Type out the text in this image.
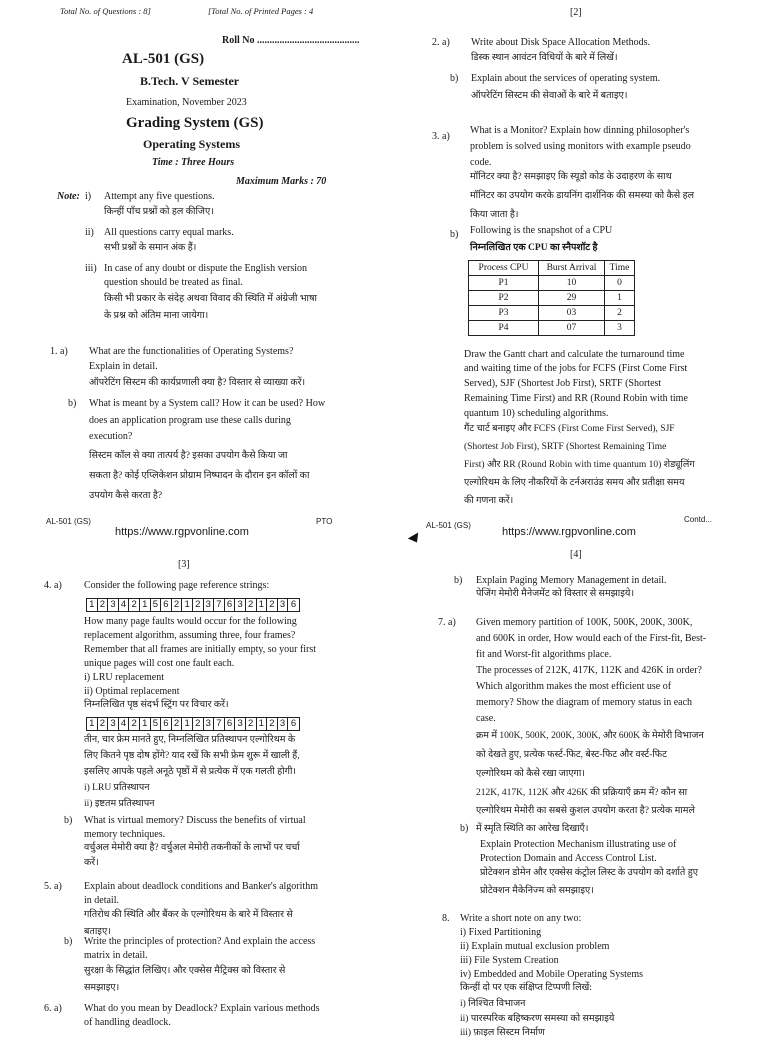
Total No. of Questions : 8]	[Total No. of Printed Pages : 4
Roll No .........................................
AL-501 (GS)
B.Tech. V Semester
Examination, November 2023
Grading System (GS)
Operating Systems
Time : Three Hours
Maximum Marks : 70
Note: i) Attempt any five questions.
किन्हीं पाँच प्रश्नों को हल कीजिए।
ii) All questions carry equal marks.
सभी प्रश्नों के समान अंक हैं।
iii) In case of any doubt or dispute the English version
question should be treated as final.
किसी भी प्रकार के संदेह अथवा विवाद की स्थिति में अंग्रेजी भाषा
के प्रश्न को अंतिम माना जायेगा।
1. a) What are the functionalities of Operating Systems?
Explain in detail.
ऑपरेटिंग सिस्टम की कार्यप्रणाली क्या है? विस्तार से व्याख्या करें।
b) What is meant by a System call? How it can be used? How
does an application program use these calls during
execution?
सिस्टम कॉल से क्या तात्पर्य है? इसका उपयोग कैसे किया जा
सकता है? कोई एप्लिकेशन प्रोग्राम निष्पादन के दौरान इन कॉलों का
उपयोग कैसे करता है?
AL-501 (GS)
https://www.rgpvonline.com
PTO
[2]
2. a) Write about Disk Space Allocation Methods.
डिस्क स्थान आवंटन विधियों के बारे में लिखें।
b) Explain about the services of operating system.
ऑपरेटिंग सिस्टम की सेवाओं के बारे में बताइए।
3. a)
What is a Monitor? Explain how dinning philosopher's
problem is solved using monitors with example pseudo
code.
मॉनिटर क्या है? समझाइए कि स्यूडो कोड के उदाहरण के साथ
मॉनिटर का उपयोग करके डायनिंग दार्शनिक की समस्या को कैसे हल
किया जाता है।
b) Following is the snapshot of a CPU
निम्नलिखित एक CPU का स्नैपशॉट है
Process CPU	Burst Arrival	Time
P1	10	0
P2	29	1
P3	03	2
P4	07	3
Draw the Gantt chart and calculate the turnaround time
and waiting time of the jobs for FCFS (First Come First
Served), SJF (Shortest Job First), SRTF (Shortest
Remaining Time First) and RR (Round Robin with time
quantum 10) scheduling algorithms.
गैंट चार्ट बनाइए और FCFS (First Come First Served), SJF
(Shortest Job First), SRTF (Shortest Remaining Time
First) और RR (Round Robin with time quantum 10) शेड्यूलिंग
एल्गोरिथम के लिए नौकरियों के टर्नअराउंड समय और प्रतीक्षा समय
की गणना करें।
AL-501 (GS)
https://www.rgpvonline.com
Contd...
[3]
4. a) Consider the following page reference strings:
1 2 3 4 2 1 5 6 2 1 2 3 7 6 3 2 1 2 3 6
How many page faults would occur for the following
replacement algorithm, assuming three, four frames?
Remember that all frames are initially empty, so your first
unique pages will cost one fault each.
i) LRU replacement
ii) Optimal replacement
निम्नलिखित पृष्ठ संदर्भ स्ट्रिंग पर विचार करें।
1 2 3 4 2 1 5 6 2 1 2 3 7 6 3 2 1 2 3 6
तीन, चार फ्रेम मानते हुए, निम्नलिखित प्रतिस्थापन एल्गोरिथम के
लिए कितने पृष्ठ दोष होंगे? याद रखें कि सभी फ्रेम शुरू में खाली हैं,
इसलिए आपके पहले अनूठे पृष्ठों में से प्रत्येक में एक गलती होगी।
i) LRU प्रतिस्थापन
ii) इष्टतम प्रतिस्थापन
b) What is virtual memory? Discuss the benefits of virtual
memory techniques.
वर्चुअल मेमोरी क्या है? वर्चुअल मेमोरी तकनीकों के लाभों पर चर्चा
करें।
5. a) Explain about deadlock conditions and Banker's algorithm
in detail.
गतिरोध की स्थिति और बैंकर के एल्गोरिथम के बारे में विस्तार से
बताइए।
b) Write the principles of protection? And explain the access
matrix in detail.
सुरक्षा के सिद्धांत लिखिए। और एक्सेस मैट्रिक्स को विस्तार से
समझाइए।
6. a) What do you mean by Deadlock? Explain various methods
of handling deadlock.
[4]
b) Explain Paging Memory Management in detail.
पेजिंग मेमोरी मैनेजमेंट को विस्तार से समझाइये।
7. a) Given memory partition of 100K, 500K, 200K, 300K,
and 600K in order, How would each of the First-fit, Best-
fit and Worst-fit algorithms place.
The processes of 212K, 417K, 112K and 426K in order?
Which algorithm makes the most efficient use of
memory? Show the diagram of memory status in each
case.
क्रम में 100K, 500K, 200K, 300K, और 600K के मेमोरी विभाजन
को देखते हुए, प्रत्येक फर्स्ट-फिट, बेस्ट-फिट और वर्स्ट-फिट
एल्गोरिथम को कैसे रखा जाएगा।
212K, 417K, 112K और 426K की प्रक्रियाएँ क्रम में? कौन सा
एल्गोरिथम मेमोरी का सबसे कुशल उपयोग करता है? प्रत्येक मामले
में स्मृति स्थिति का आरेख दिखाएँ।
b)
Explain Protection Mechanism illustrating use of
Protection Domain and Access Control List.
प्रोटेक्शन डोमेन और एक्सेस कंट्रोल लिस्ट के उपयोग को दर्शाते हुए
प्रोटेक्शन मैकेनिज्म को समझाइए।
8. Write a short note on any two:
i) Fixed Partitioning
ii) Explain mutual exclusion problem
iii) File System Creation
iv) Embedded and Mobile Operating Systems
किन्हीं दो पर एक संक्षिप्त टिप्पणी लिखें:
i) निश्चित विभाजन
ii) पारस्परिक बहिष्करण समस्या को समझाइये
iii) फ़ाइल सिस्टम निर्माण
